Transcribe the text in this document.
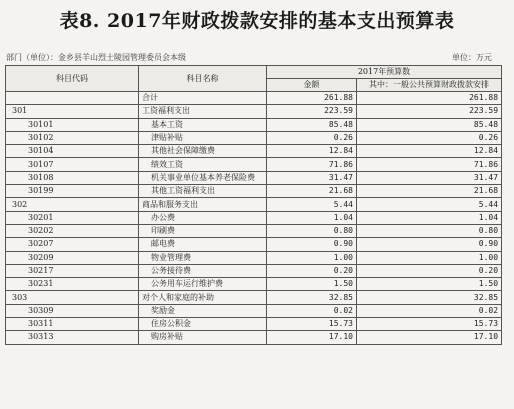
表8. 2017年财政拨款安排的基本支出预算表
部门（单位）：金乡县羊山烈士陵园管理委员会本级	单位：万元
科目代码	科目名称	2017年预算数	
		金额	其中：一般公共预算财政拨款安排
	合计	261.88	261.88
301	工资福利支出	223.59	223.59
30101	基本工资	85.48	85.48
30102	津贴补贴	0.26	0.26
30104	其他社会保障缴费	12.84	12.84
30107	绩效工资	71.86	71.86
30108	机关事业单位基本养老保险费	31.47	31.47
30199	其他工资福利支出	21.68	21.68
302	商品和服务支出	5.44	5.44
30201	办公费	1.04	1.04
30202	印刷费	0.80	0.80
30207	邮电费	0.90	0.90
30209	物业管理费	1.00	1.00
30217	公务接待费	0.20	0.20
30231	公务用车运行维护费	1.50	1.50
303	对个人和家庭的补助	32.85	32.85
30309	奖励金	0.02	0.02
30311	住房公积金	15.73	15.73
30313	购房补贴	17.10	17.10
